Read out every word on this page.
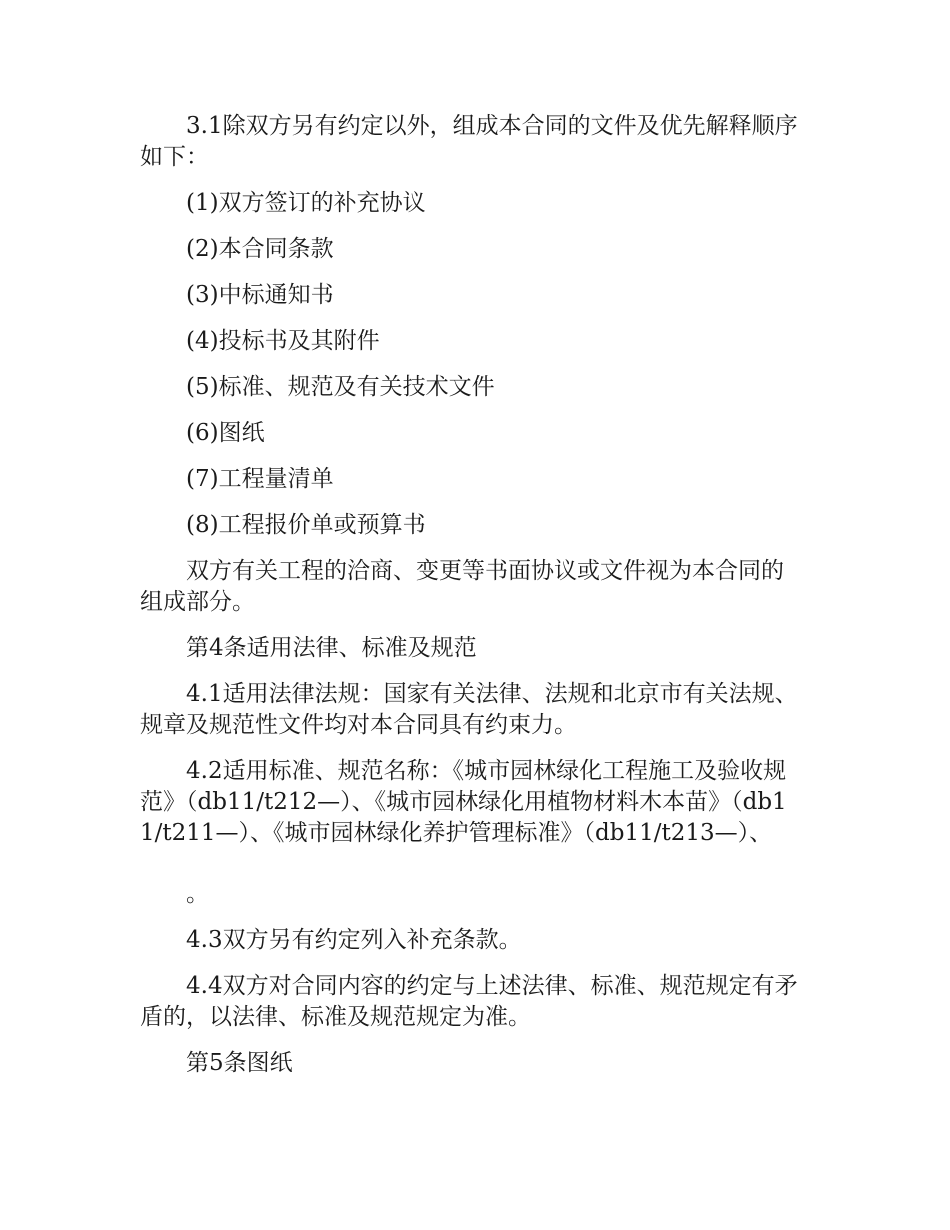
3.1除双方另有约定以外，组成本合同的文件及优先解释顺序如下：

(1)双方签订的补充协议

(2)本合同条款

(3)中标通知书

(4)投标书及其附件

(5)标准、规范及有关技术文件

(6)图纸

(7)工程量清单

(8)工程报价单或预算书

双方有关工程的洽商、变更等书面协议或文件视为本合同的组成部分。

第4条适用法律、标准及规范

4.1适用法律法规：国家有关法律、法规和北京市有关法规、规章及规范性文件均对本合同具有约束力。

4.2适用标准、规范名称：《城市园林绿化工程施工及验收规范》（db11/t212—）、《城市园林绿化用植物材料木本苗》（db11/t211—）、《城市园林绿化养护管理标准》（db11/t213—）、

。

4.3双方另有约定列入补充条款。

4.4双方对合同内容的约定与上述法律、标准、规范规定有矛盾的，以法律、标准及规范规定为准。

第5条图纸
